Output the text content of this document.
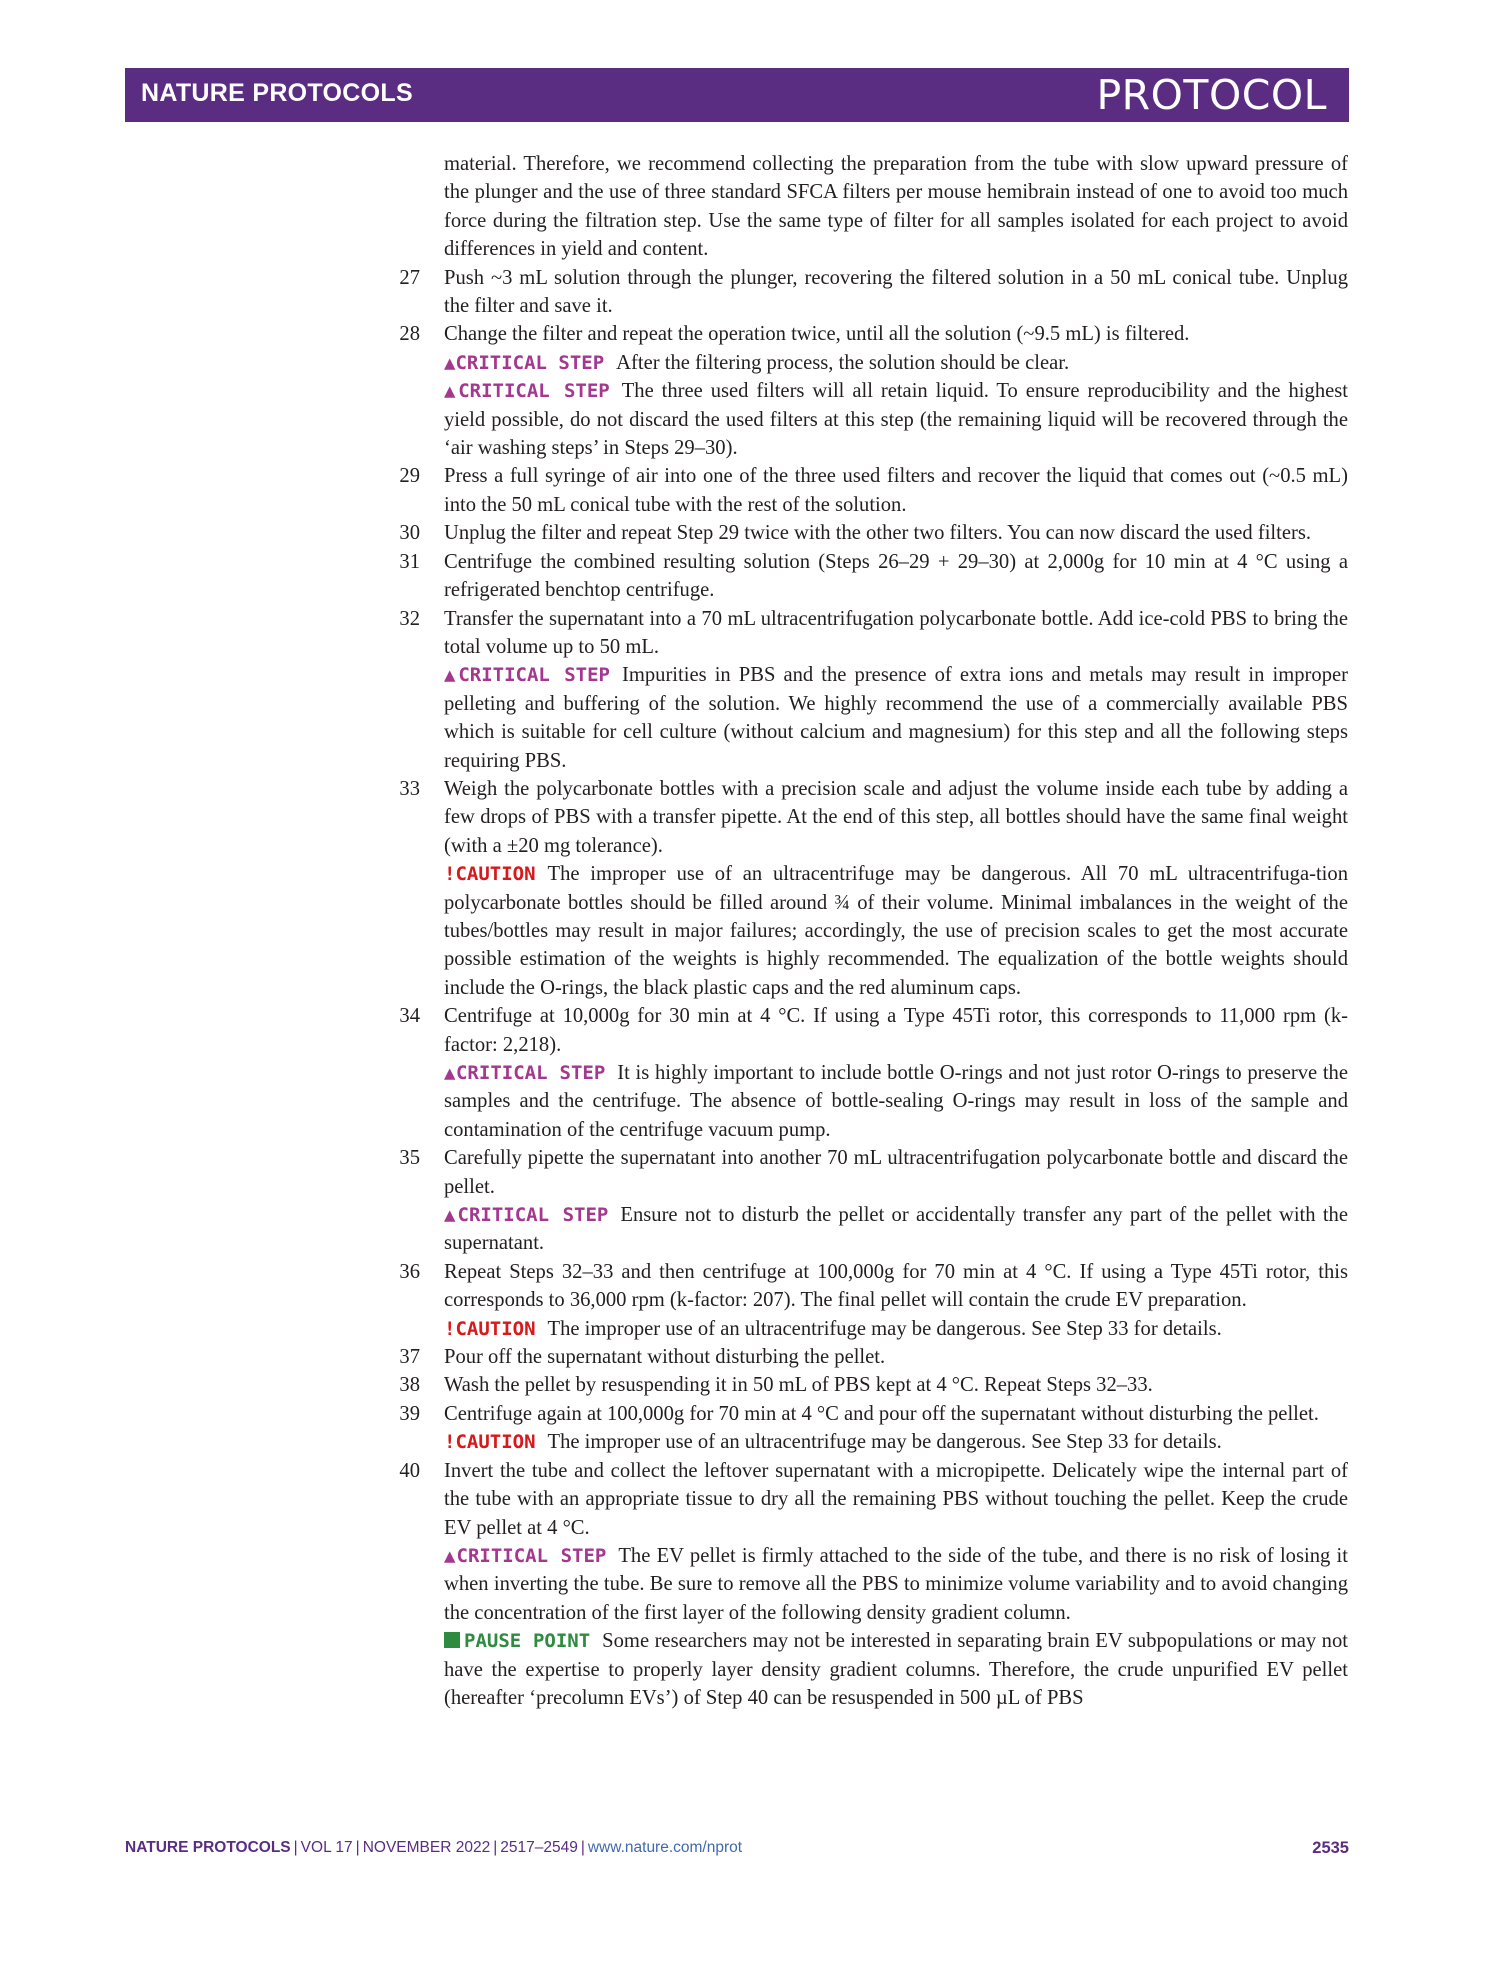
NATURE PROTOCOLS	PROTOCOL

material. Therefore, we recommend collecting the preparation from the tube with slow upward pressure of the plunger and the use of three standard SFCA filters per mouse hemibrain instead of one to avoid too much force during the filtration step. Use the same type of filter for all samples isolated for each project to avoid differences in yield and content.

27 Push ~3 mL solution through the plunger, recovering the filtered solution in a 50 mL conical tube. Unplug the filter and save it.

28 Change the filter and repeat the operation twice, until all the solution (~9.5 mL) is filtered.

▲CRITICAL STEP After the filtering process, the solution should be clear.

▲CRITICAL STEP The three used filters will all retain liquid. To ensure reproducibility and the highest yield possible, do not discard the used filters at this step (the remaining liquid will be recovered through the ‘air washing steps’ in Steps 29–30).

29 Press a full syringe of air into one of the three used filters and recover the liquid that comes out (~0.5 mL) into the 50 mL conical tube with the rest of the solution.

30 Unplug the filter and repeat Step 29 twice with the other two filters. You can now discard the used filters.

31 Centrifuge the combined resulting solution (Steps 26–29 + 29–30) at 2,000g for 10 min at 4 °C using a refrigerated benchtop centrifuge.

32 Transfer the supernatant into a 70 mL ultracentrifugation polycarbonate bottle. Add ice-cold PBS to bring the total volume up to 50 mL.

▲CRITICAL STEP Impurities in PBS and the presence of extra ions and metals may result in improper pelleting and buffering of the solution. We highly recommend the use of a commercially available PBS which is suitable for cell culture (without calcium and magnesium) for this step and all the following steps requiring PBS.

33 Weigh the polycarbonate bottles with a precision scale and adjust the volume inside each tube by adding a few drops of PBS with a transfer pipette. At the end of this step, all bottles should have the same final weight (with a ±20 mg tolerance).

!CAUTION The improper use of an ultracentrifuge may be dangerous. All 70 mL ultracentrifuga-tion polycarbonate bottles should be filled around ¾ of their volume. Minimal imbalances in the weight of the tubes/bottles may result in major failures; accordingly, the use of precision scales to get the most accurate possible estimation of the weights is highly recommended. The equalization of the bottle weights should include the O-rings, the black plastic caps and the red aluminum caps.

34 Centrifuge at 10,000g for 30 min at 4 °C. If using a Type 45Ti rotor, this corresponds to 11,000 rpm (k-factor: 2,218).

▲CRITICAL STEP It is highly important to include bottle O-rings and not just rotor O-rings to preserve the samples and the centrifuge. The absence of bottle-sealing O-rings may result in loss of the sample and contamination of the centrifuge vacuum pump.

35 Carefully pipette the supernatant into another 70 mL ultracentrifugation polycarbonate bottle and discard the pellet.

▲CRITICAL STEP Ensure not to disturb the pellet or accidentally transfer any part of the pellet with the supernatant.

36 Repeat Steps 32–33 and then centrifuge at 100,000g for 70 min at 4 °C. If using a Type 45Ti rotor, this corresponds to 36,000 rpm (k-factor: 207). The final pellet will contain the crude EV preparation.

!CAUTION The improper use of an ultracentrifuge may be dangerous. See Step 33 for details.

37 Pour off the supernatant without disturbing the pellet.

38 Wash the pellet by resuspending it in 50 mL of PBS kept at 4 °C. Repeat Steps 32–33.

39 Centrifuge again at 100,000g for 70 min at 4 °C and pour off the supernatant without disturbing the pellet.

!CAUTION The improper use of an ultracentrifuge may be dangerous. See Step 33 for details.

40 Invert the tube and collect the leftover supernatant with a micropipette. Delicately wipe the internal part of the tube with an appropriate tissue to dry all the remaining PBS without touching the pellet. Keep the crude EV pellet at 4 °C.

▲CRITICAL STEP The EV pellet is firmly attached to the side of the tube, and there is no risk of losing it when inverting the tube. Be sure to remove all the PBS to minimize volume variability and to avoid changing the concentration of the first layer of the following density gradient column.

PAUSE POINT Some researchers may not be interested in separating brain EV subpopulations or may not have the expertise to properly layer density gradient columns. Therefore, the crude unpurified EV pellet (hereafter ‘precolumn EVs’) of Step 40 can be resuspended in 500 µL of PBS

NATURE PROTOCOLS | VOL 17 | NOVEMBER 2022 | 2517–2549 | www.nature.com/nprot	2535
